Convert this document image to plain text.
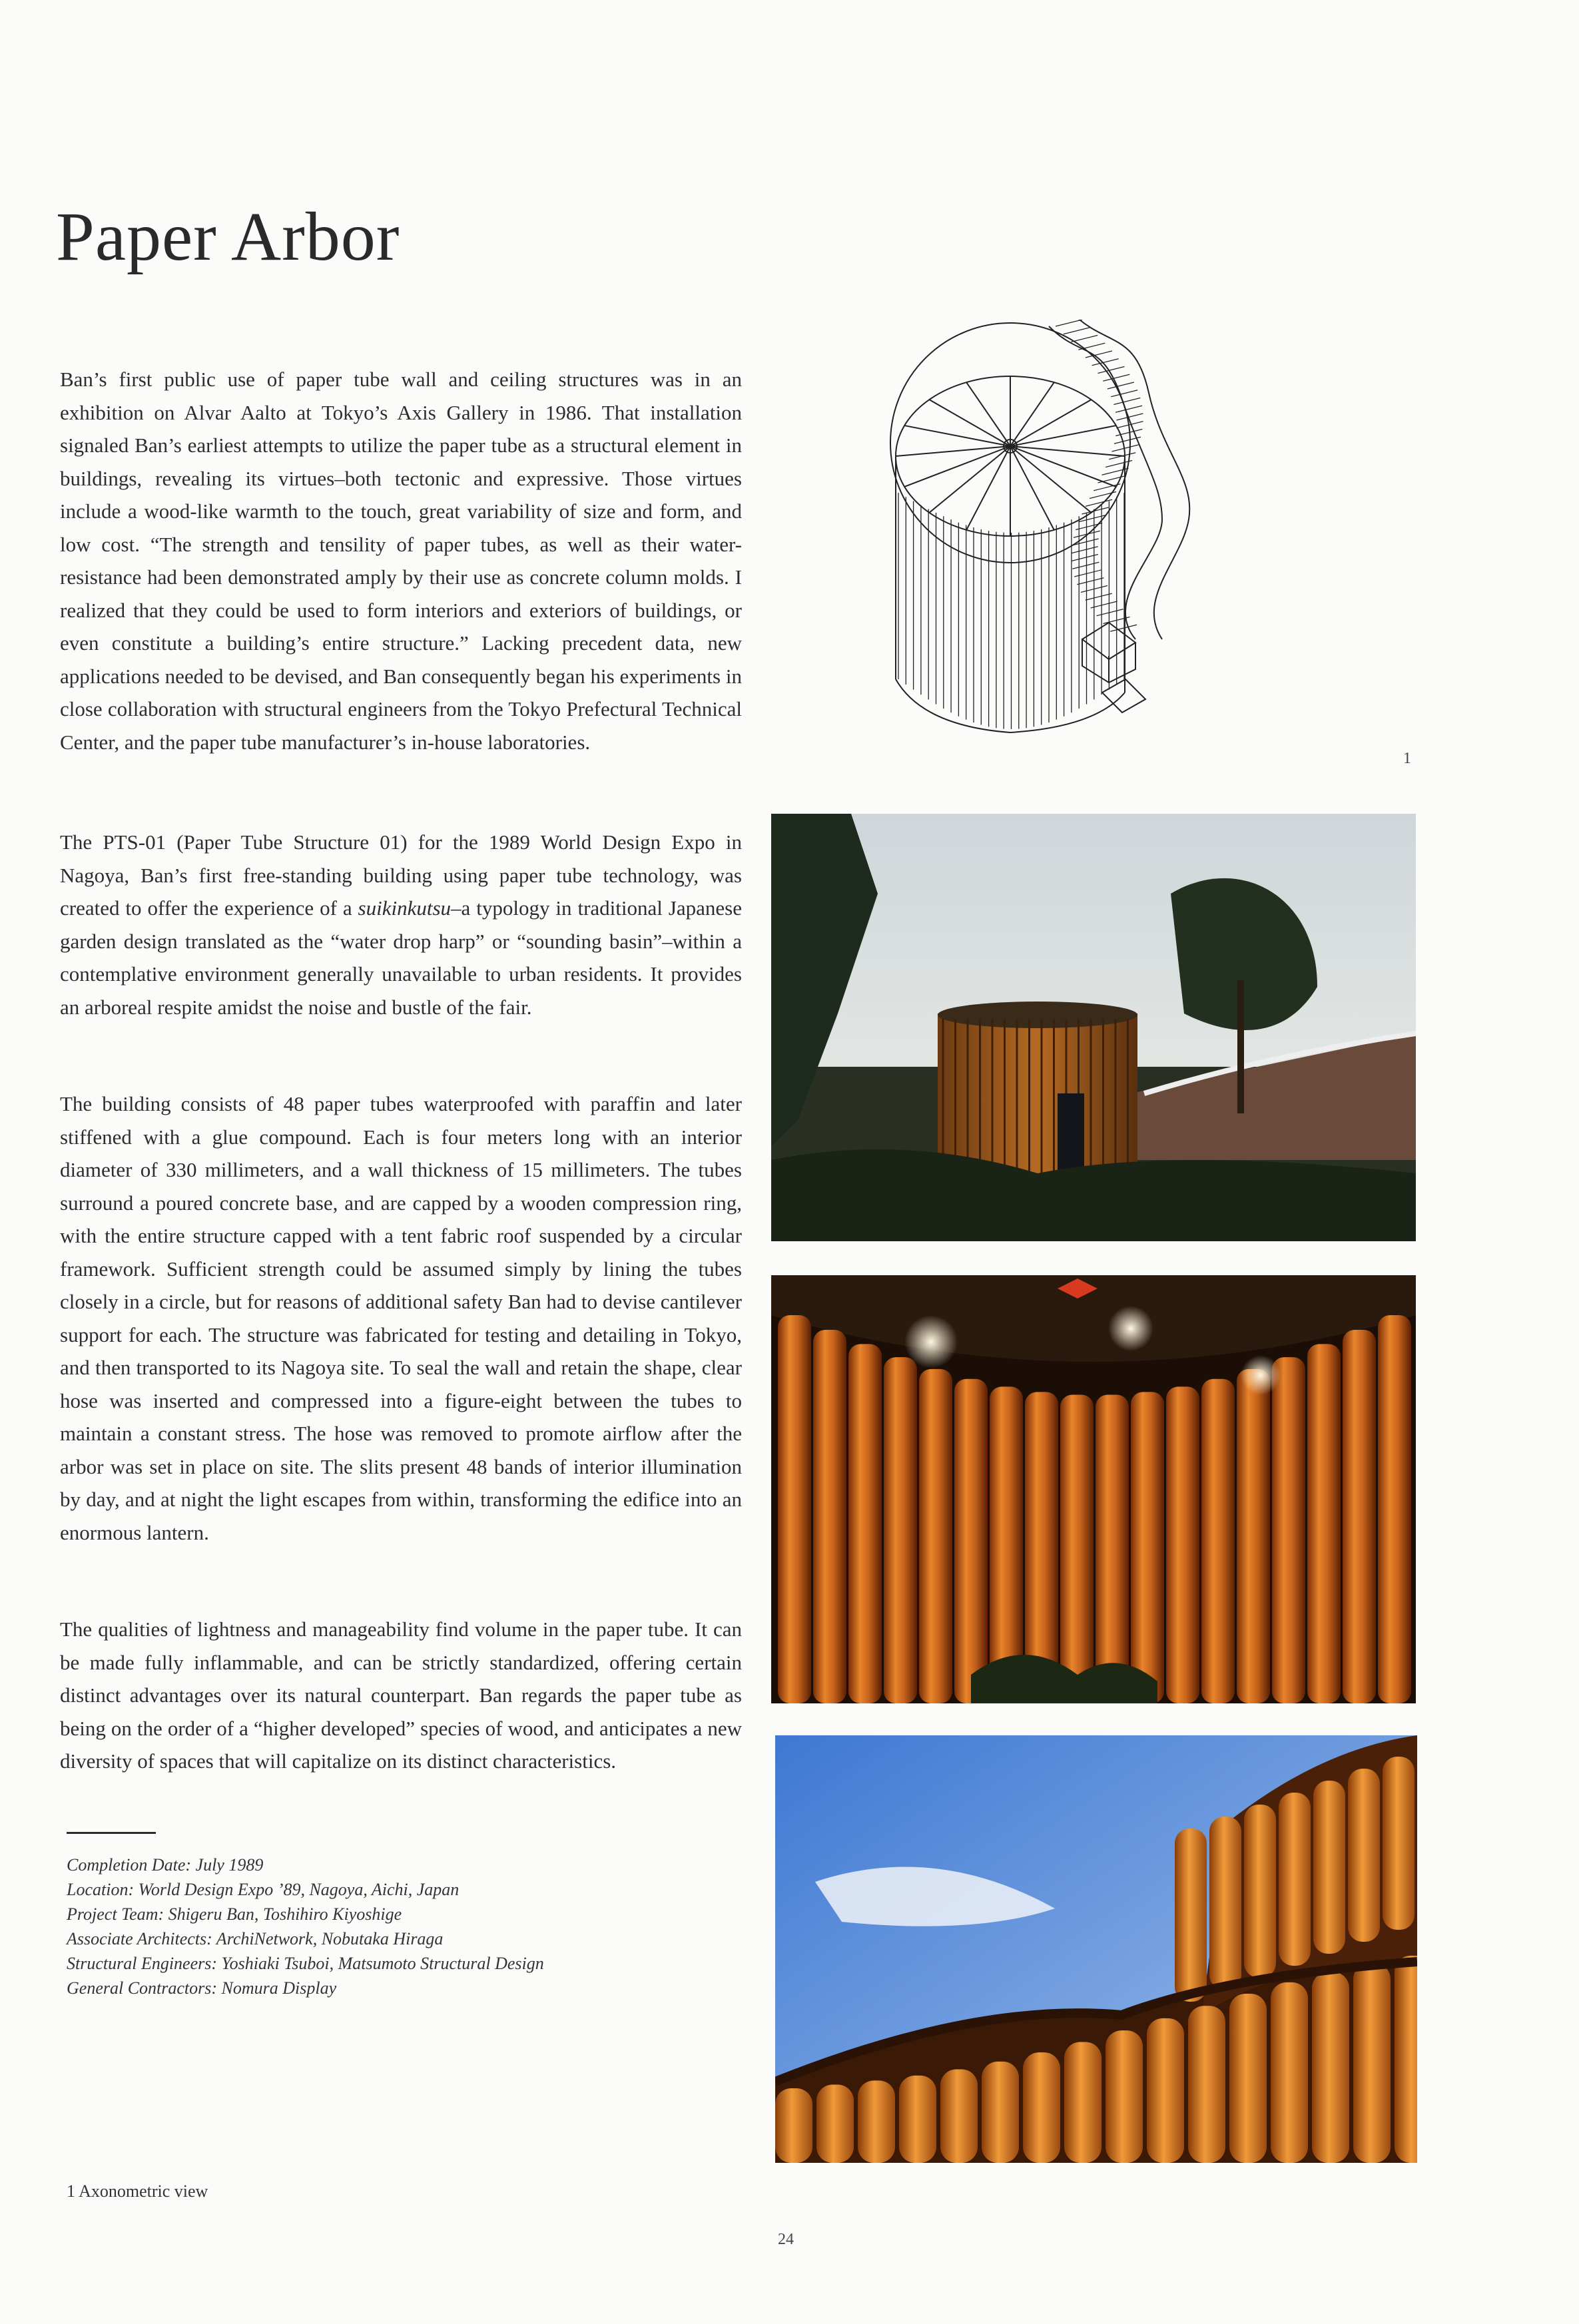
Paper Arbor

Ban’s first public use of paper tube wall and ceiling structures was in an exhibition on Alvar Aalto at Tokyo’s Axis Gallery in 1986. That installation signaled Ban’s earliest attempts to utilize the paper tube as a structural element in buildings, revealing its virtues–both tectonic and expressive. Those virtues include a wood-like warmth to the touch, great variability of size and form, and low cost. “The strength and tensility of paper tubes, as well as their water-resistance had been demonstrated amply by their use as concrete column molds. I realized that they could be used to form interiors and exteriors of buildings, or even constitute a building’s entire structure.” Lacking precedent data, new applications needed to be devised, and Ban consequently began his experiments in close collaboration with structural engineers from the Tokyo Prefectural Technical Center, and the paper tube manufacturer’s in-house laboratories.

The PTS-01 (Paper Tube Structure 01) for the 1989 World Design Expo in Nagoya, Ban’s first free-standing building using paper tube technology, was created to offer the experience of a suikinkutsu–a typology in traditional Japanese garden design translated as the “water drop harp” or “sounding basin”–within a contemplative environment generally unavailable to urban residents. It provides an arboreal respite amidst the noise and bustle of the fair.

The building consists of 48 paper tubes waterproofed with paraffin and later stiffened with a glue compound. Each is four meters long with an interior diameter of 330 millimeters, and a wall thickness of 15 millimeters. The tubes surround a poured concrete base, and are capped by a wooden compression ring, with the entire structure capped with a tent fabric roof suspended by a circular framework. Sufficient strength could be assumed simply by lining the tubes closely in a circle, but for reasons of additional safety Ban had to devise cantilever support for each. The structure was fabricated for testing and detailing in Tokyo, and then transported to its Nagoya site. To seal the wall and retain the shape, clear hose was inserted and compressed into a figure-eight between the tubes to maintain a constant stress. The hose was removed to promote airflow after the arbor was set in place on site. The slits present 48 bands of interior illumination by day, and at night the light escapes from within, transforming the edifice into an enormous lantern.

The qualities of lightness and manageability find volume in the paper tube. It can be made fully inflammable, and can be strictly standardized, offering certain distinct advantages over its natural counterpart. Ban regards the paper tube as being on the order of a “higher developed” species of wood, and anticipates a new diversity of spaces that will capitalize on its distinct characteristics.

Completion Date: July 1989
Location: World Design Expo ’89, Nagoya, Aichi, Japan
Project Team: Shigeru Ban, Toshihiro Kiyoshige
Associate Architects: ArchiNetwork, Nobutaka Hiraga
Structural Engineers: Yoshiaki Tsuboi, Matsumoto Structural Design
General Contractors: Nomura Display
1 Axonometric view
24
1
